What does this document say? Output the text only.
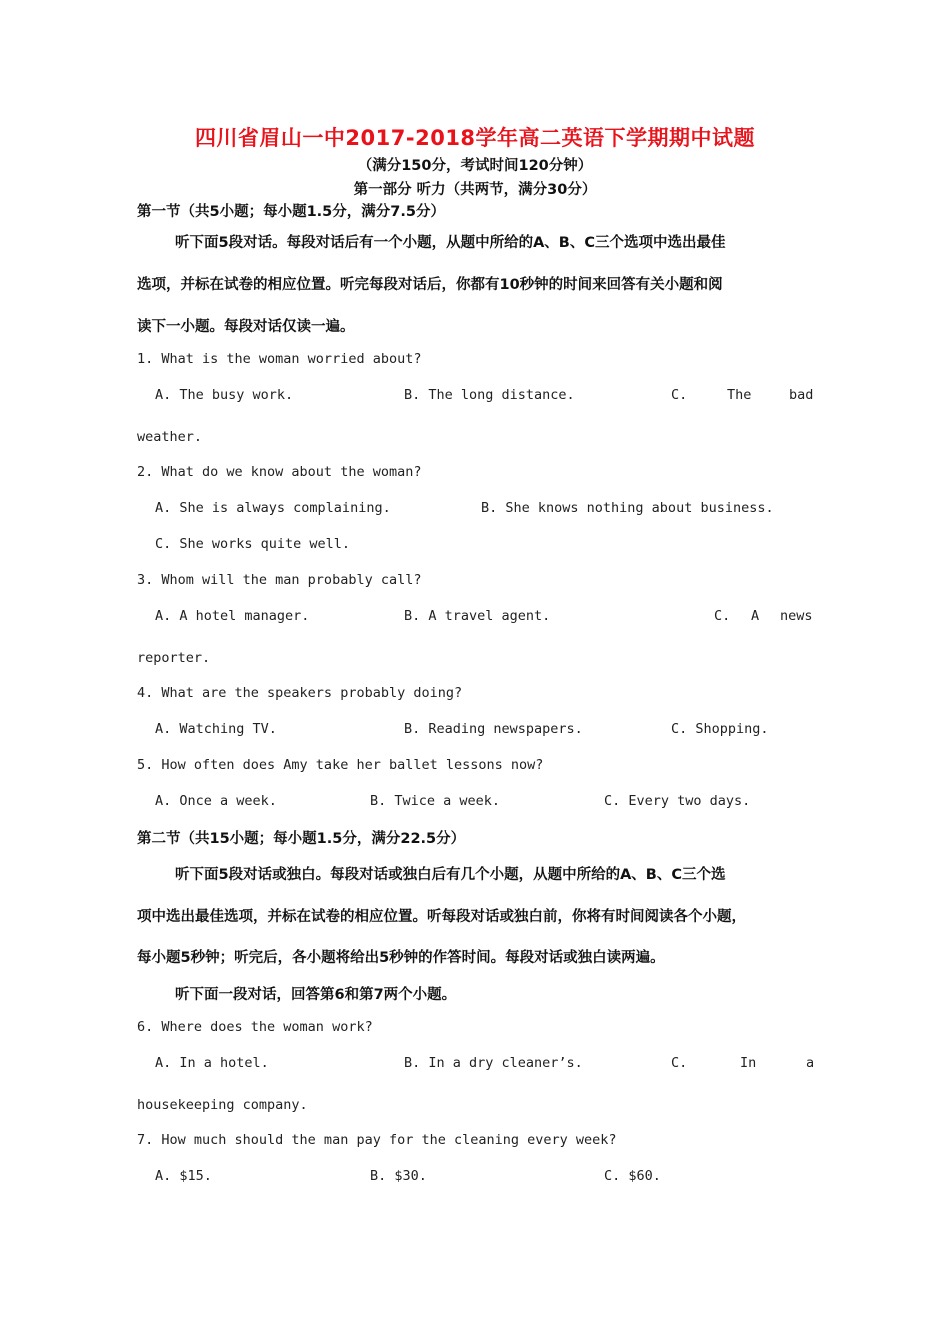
四川省眉山一中2017-2018学年高二英语下学期期中试题
（满分150分，考试时间120分钟）
第一部分 听力（共两节，满分30分）
第一节（共5小题；每小题1.5分，满分7.5分）
听下面5段对话。每段对话后有一个小题，从题中所给的A、B、C三个选项中选出最佳
选项，并标在试卷的相应位置。听完每段对话后，你都有10秒钟的时间来回答有关小题和阅
读下一小题。每段对话仅读一遍。
1. What is the woman worried about?
A. The busy work.	B. The long distance.	C.	The	bad
weather.
2. What do we know about the woman?
A. She is always complaining.	B. She knows nothing about business.
C. She works quite well.
3. Whom will the man probably call?
A. A hotel manager.	B. A travel agent.	C. A news
reporter.
4. What are the speakers probably doing?
A. Watching TV.	B. Reading newspapers.	C. Shopping.
5. How often does Amy take her ballet lessons now?
A. Once a week.	B. Twice a week.	C. Every two days.
第二节（共15小题；每小题1.5分，满分22.5分）
听下面5段对话或独白。每段对话或独白后有几个小题，从题中所给的A、B、C三个选
项中选出最佳选项，并标在试卷的相应位置。听每段对话或独白前，你将有时间阅读各个小题，
每小题5秒钟；听完后，各小题将给出5秒钟的作答时间。每段对话或独白读两遍。
听下面一段对话，回答第6和第7两个小题。
6. Where does the woman work?
A. In a hotel.	B. In a dry cleaner’s.	C.	In	a
housekeeping company.
7. How much should the man pay for the cleaning every week?
A. $15.	B. $30.	C. $60.
